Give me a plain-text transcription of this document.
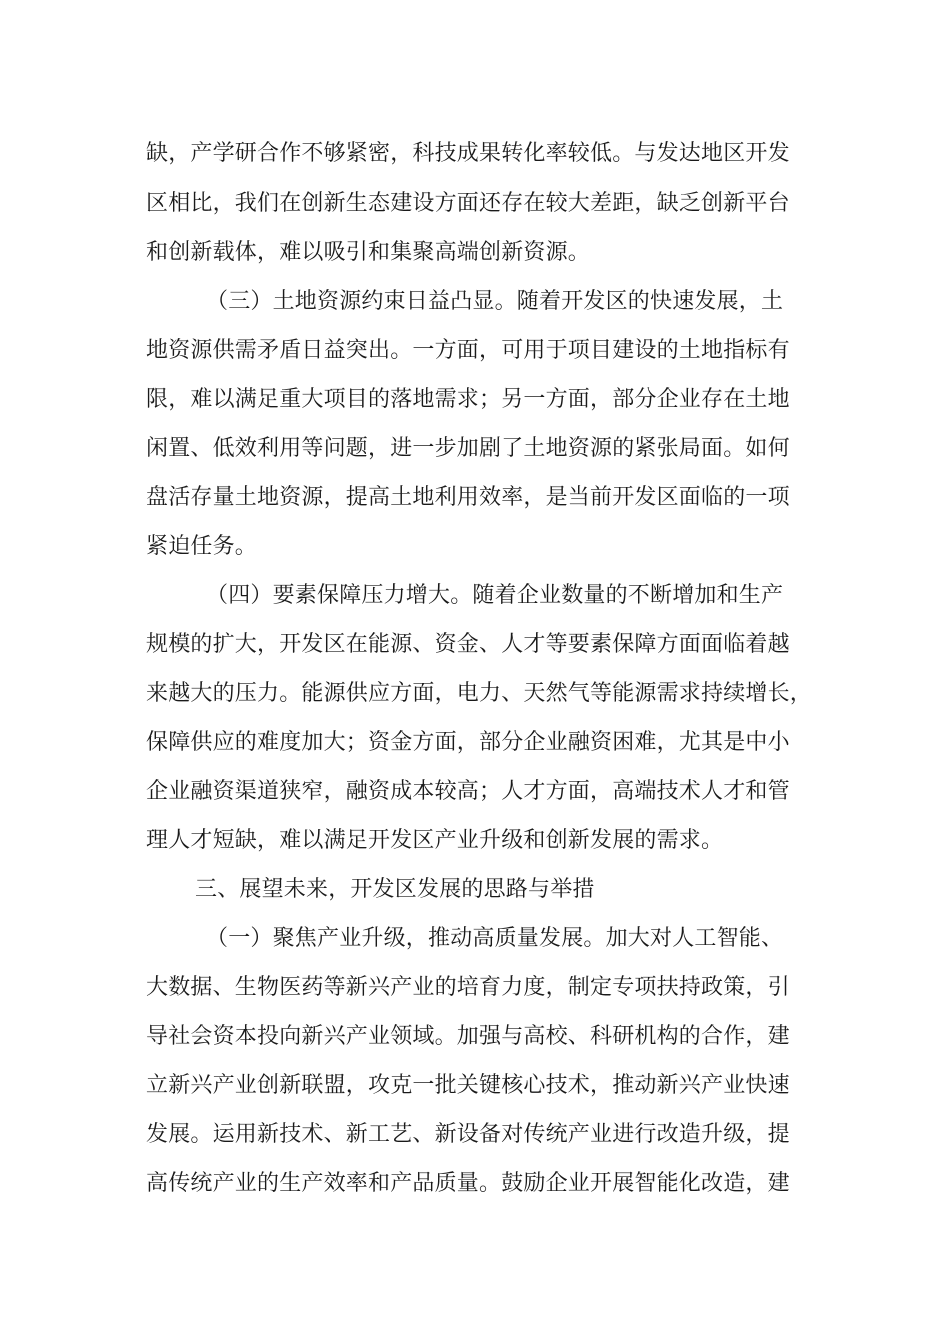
缺，产学研合作不够紧密，科技成果转化率较低。与发达地区开发
区相比，我们在创新生态建设方面还存在较大差距，缺乏创新平台
和创新载体，难以吸引和集聚高端创新资源。
（三）土地资源约束日益凸显。随着开发区的快速发展，土
地资源供需矛盾日益突出。一方面，可用于项目建设的土地指标有
限，难以满足重大项目的落地需求；另一方面，部分企业存在土地
闲置、低效利用等问题，进一步加剧了土地资源的紧张局面。如何
盘活存量土地资源，提高土地利用效率，是当前开发区面临的一项
紧迫任务。
（四）要素保障压力增大。随着企业数量的不断增加和生产
规模的扩大，开发区在能源、资金、人才等要素保障方面面临着越
来越大的压力。能源供应方面，电力、天然气等能源需求持续增长，
保障供应的难度加大；资金方面，部分企业融资困难，尤其是中小
企业融资渠道狭窄，融资成本较高；人才方面，高端技术人才和管
理人才短缺，难以满足开发区产业升级和创新发展的需求。
三、展望未来，开发区发展的思路与举措
（一）聚焦产业升级，推动高质量发展。加大对人工智能、
大数据、生物医药等新兴产业的培育力度，制定专项扶持政策，引
导社会资本投向新兴产业领域。加强与高校、科研机构的合作，建
立新兴产业创新联盟，攻克一批关键核心技术，推动新兴产业快速
发展。运用新技术、新工艺、新设备对传统产业进行改造升级，提
高传统产业的生产效率和产品质量。鼓励企业开展智能化改造，建
